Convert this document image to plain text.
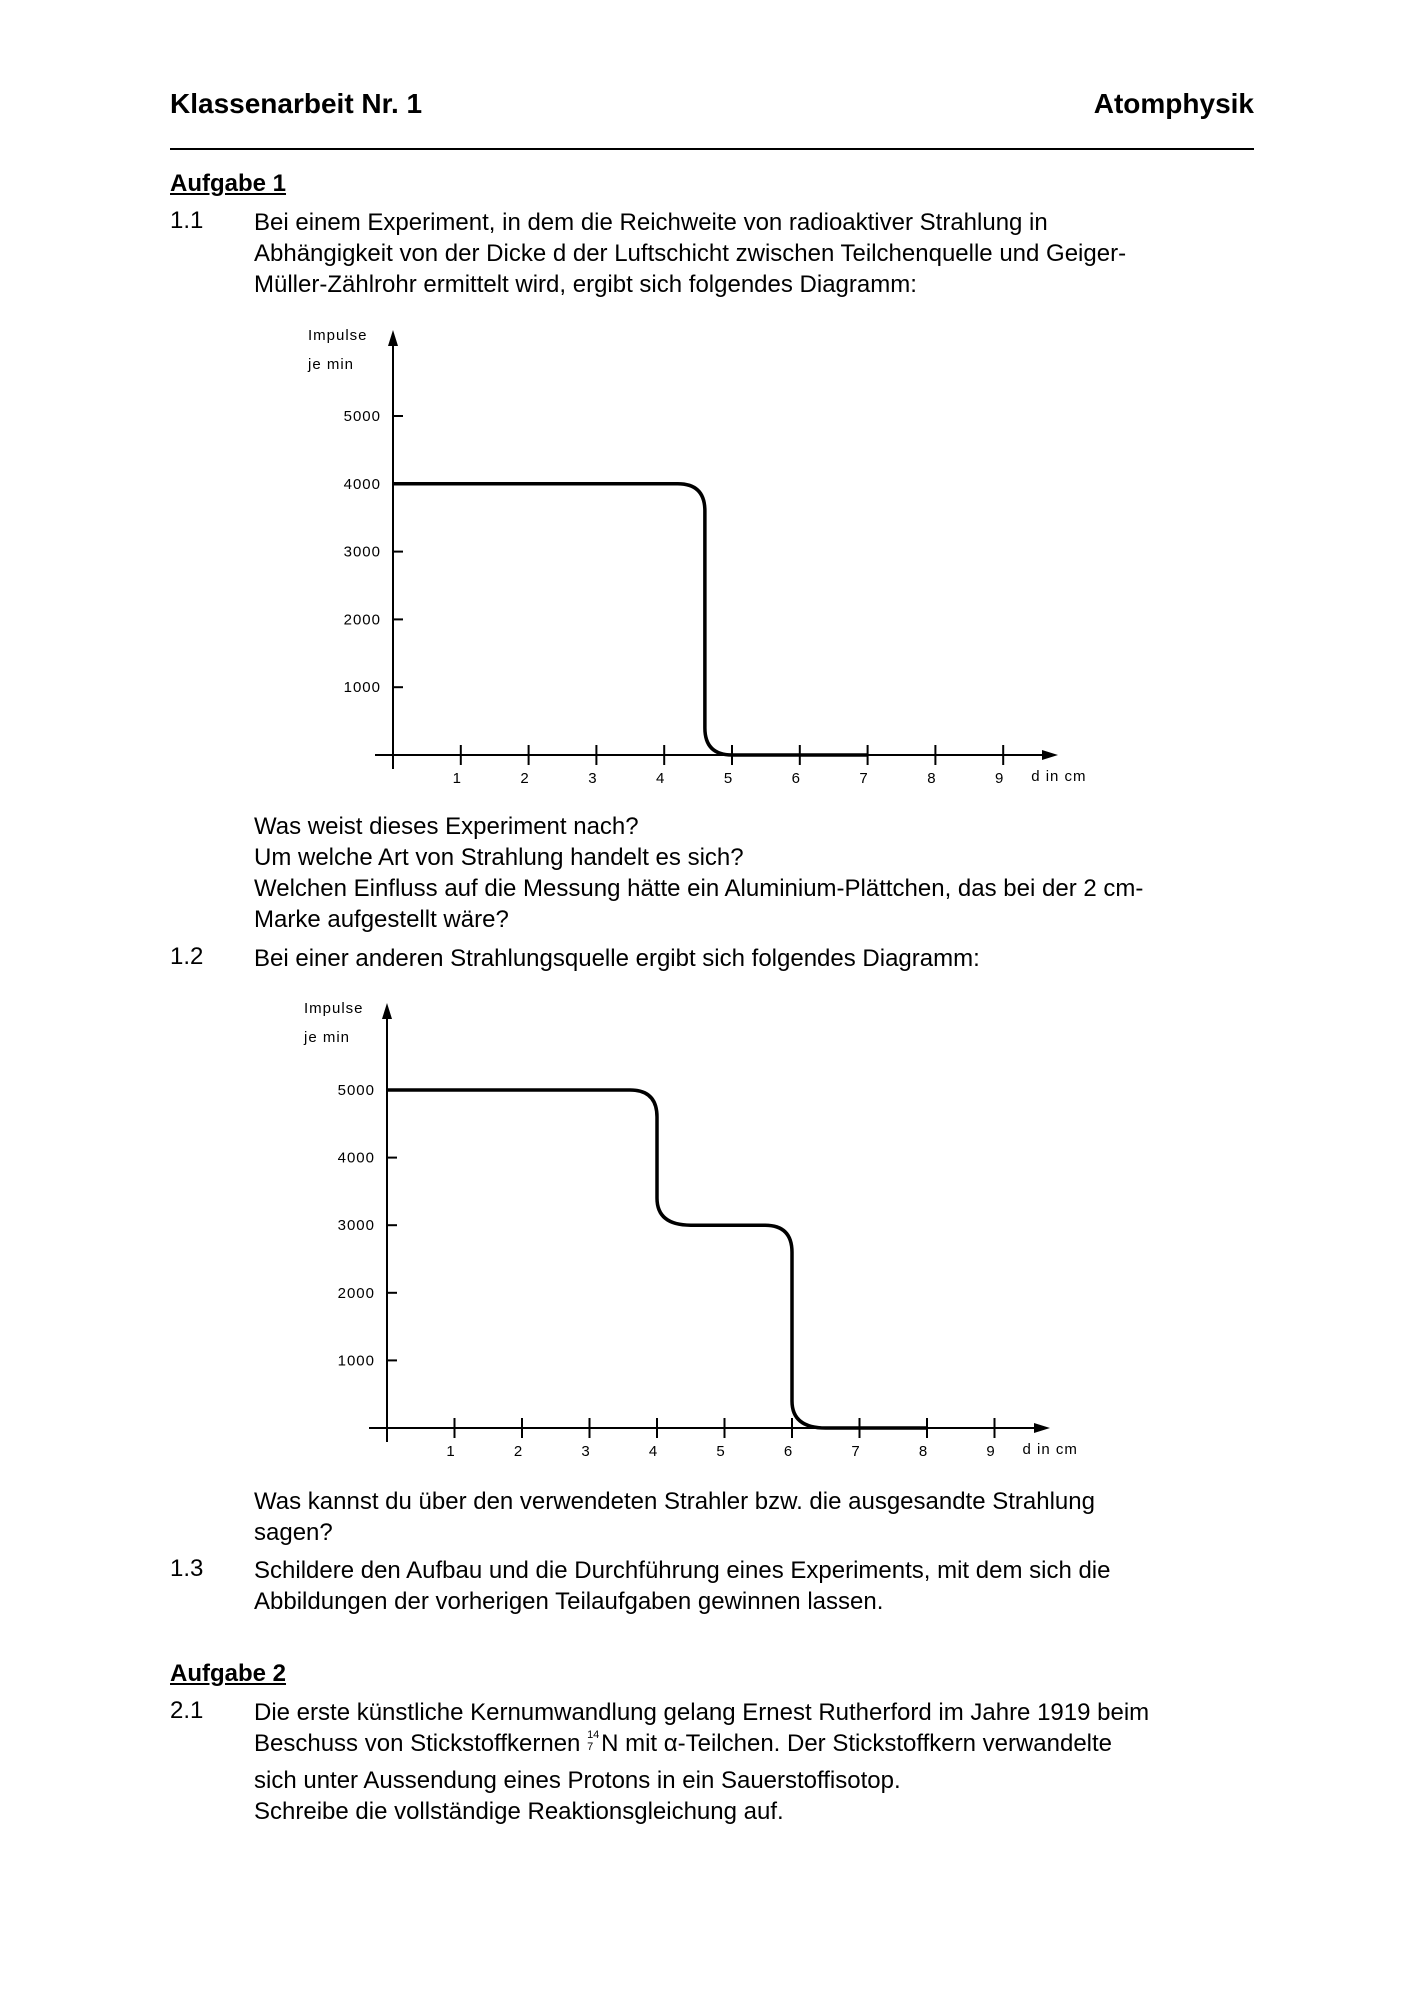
Klassenarbeit Nr. 1	Atomphysik
Aufgabe 1
1.1 Bei einem Experiment, in dem die Reichweite von radioaktiver Strahlung in
Abhängigkeit von der Dicke d der Luftschicht zwischen Teilchenquelle und Geiger-
Müller-Zählrohr ermittelt wird, ergibt sich folgendes Diagramm:
1	2	3	4	5	6	7	8	9 d in cm
1000
2000
3000
4000
5000
Impulse
je min
Was weist dieses Experiment nach?
Um welche Art von Strahlung handelt es sich?
Welchen Einfluss auf die Messung hätte ein Aluminium-Plättchen, das bei der 2 cm-
Marke aufgestellt wäre?
1.2 Bei einer anderen Strahlungsquelle ergibt sich folgendes Diagramm:
1	2	3	4	5	6	7	8	9 d in cm
1000
2000
3000
4000
5000
Impulse
je min
Was kannst du über den verwendeten Strahler bzw. die ausgesandte Strahlung
sagen?
1.3 Schildere den Aufbau und die Durchführung eines Experiments, mit dem sich die
Abbildungen der vorherigen Teilaufgaben gewinnen lassen.
Aufgabe 2
2.1 Die erste künstliche Kernumwandlung gelang Ernest Rutherford im Jahre 1919 beim
Beschuss von Stickstoffkernen 14
7 N mit α-Teilchen. Der Stickstoffkern verwandelte
sich unter Aussendung eines Protons in ein Sauerstoffisotop.
Schreibe die vollständige Reaktionsgleichung auf.
